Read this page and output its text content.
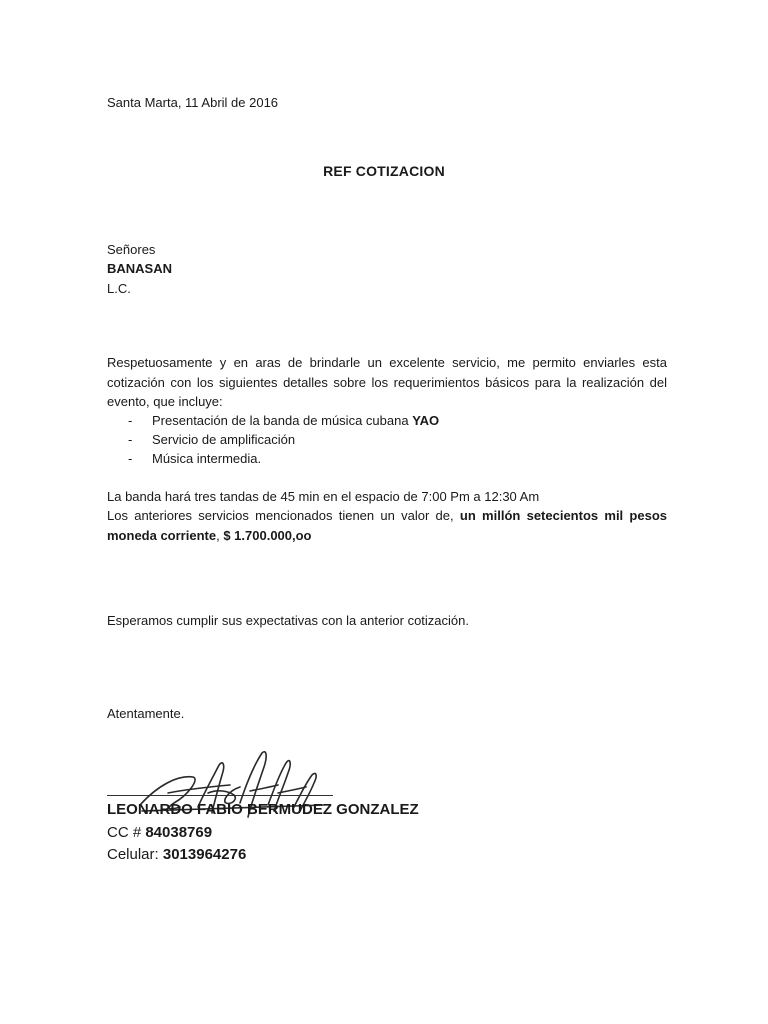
Santa Marta, 11 Abril de 2016
REF COTIZACION
Señores
BANASAN
L.C.
Respetuosamente y en aras de brindarle un excelente servicio, me permito enviarles esta cotización con los siguientes detalles sobre los requerimientos básicos para la realización del evento, que incluye:
- Presentación de la banda de música cubana YAO
- Servicio de amplificación
- Música intermedia.
La banda hará tres tandas de 45 min en el espacio de 7:00 Pm a 12:30 Am
Los anteriores servicios mencionados tienen un valor de, un millón setecientos mil pesos moneda corriente, $ 1.700.000,oo
Esperamos cumplir sus expectativas con la anterior cotización.
Atentamente.
LEONARDO FABIO BERMUDEZ GONZALEZ
CC # 84038769
Celular: 3013964276
